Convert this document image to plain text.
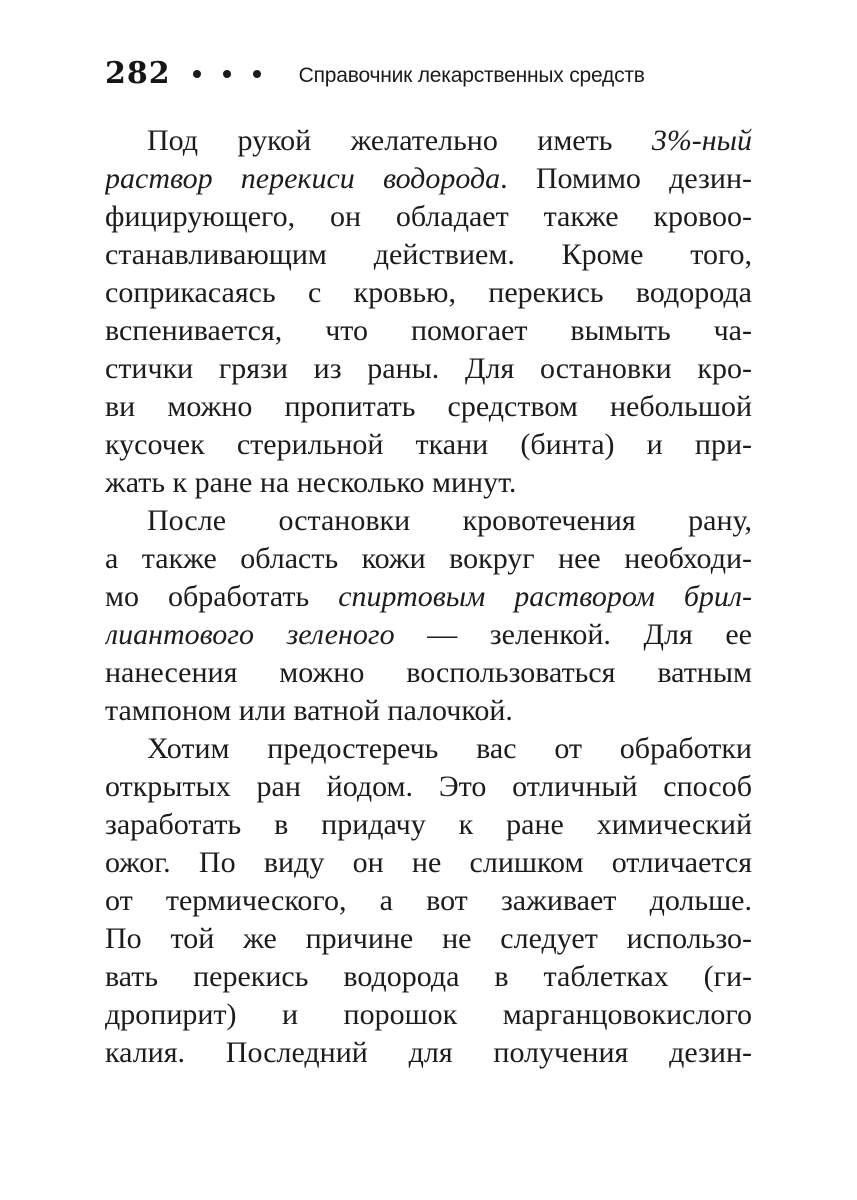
282	Справочник лекарственных средств
Под рукой желательно иметь 3%-ный
раствор перекиси водорода. Помимо дезин-
фицирующего, он обладает также кровоо-
станавливающим действием. Кроме того,
соприкасаясь с кровью, перекись водорода
вспенивается, что помогает вымыть ча-
стички грязи из раны. Для остановки кро-
ви можно пропитать средством небольшой
кусочек стерильной ткани (бинта) и при-
жать к ране на несколько минут.
После остановки кровотечения рану,
а также область кожи вокруг нее необходи-
мо обработать спиртовым раствором брил-
лиантового зеленого — зеленкой. Для ее
нанесения можно воспользоваться ватным
тампоном или ватной палочкой.
Хотим предостеречь вас от обработки
открытых ран йодом. Это отличный способ
заработать в придачу к ране химический
ожог. По виду он не слишком отличается
от термического, а вот заживает дольше.
По той же причине не следует использо-
вать перекись водорода в таблетках (ги-
дропирит) и порошок марганцовокислого
калия. Последний для получения дезин-
